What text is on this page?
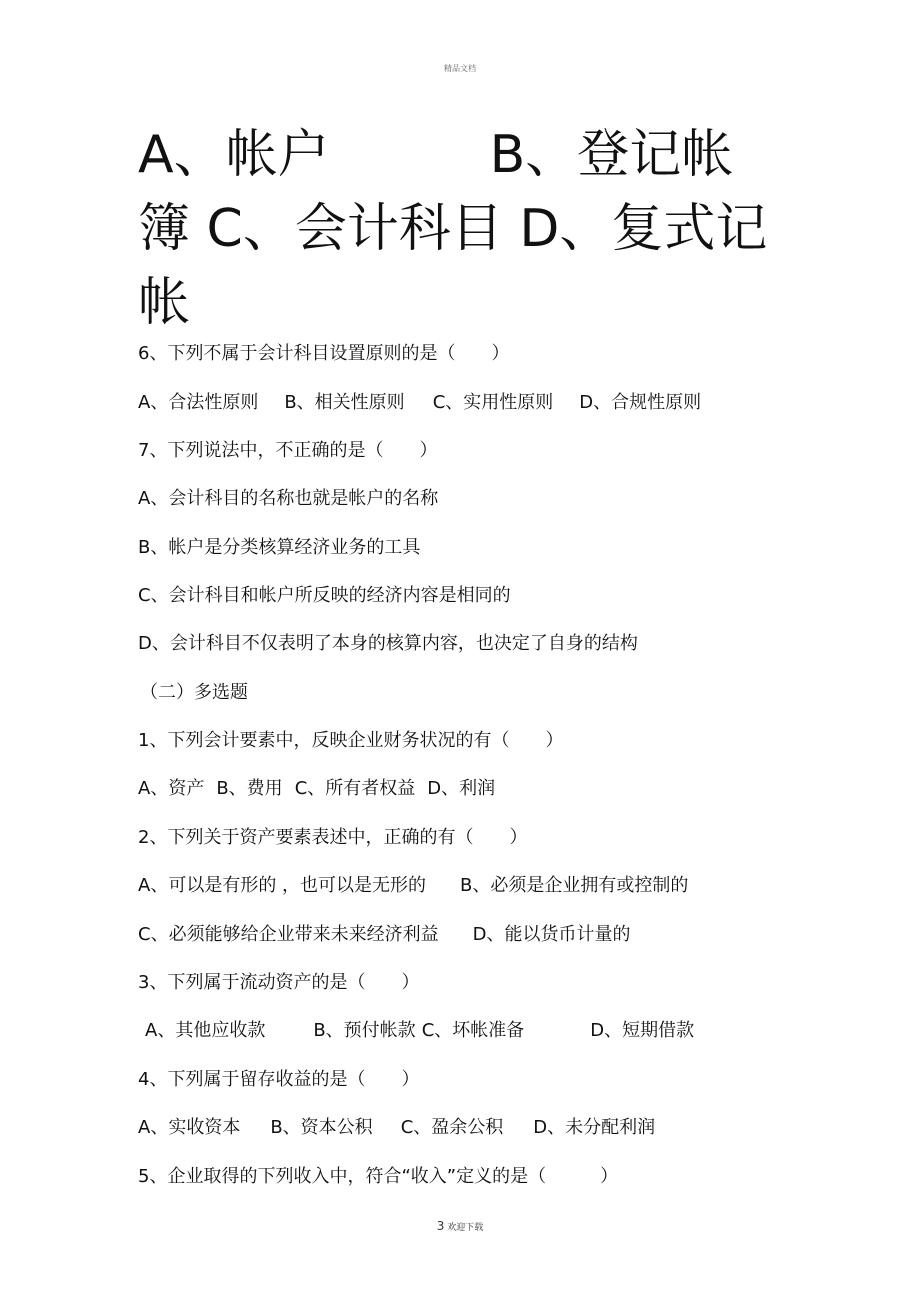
精品文档
A、帐户	B、登记帐
簿 C、会计科目 D、复式记
帐
6、下列不属于会计科目设置原则的是（　　）
A、合法性原则 B、相关性原则 C、实用性原则 D、合规性原则
7、下列说法中，不正确的是（　　）
A、会计科目的名称也就是帐户的名称
B、帐户是分类核算经济业务的工具
C、会计科目和帐户所反映的经济内容是相同的
D、会计科目不仅表明了本身的核算内容，也决定了自身的结构
（二）多选题
1、下列会计要素中，反映企业财务状况的有（　　）
A、资产 B、费用 C、所有者权益 D、利润
2、下列关于资产要素表述中，正确的有（　　）
A、可以是有形的 ，也可以是无形的 B、必须是企业拥有或控制的
C、必须能够给企业带来未来经济利益 D、能以货币计量的
3、下列属于流动资产的是（　　）
A、其他应收款	B、预付帐款 C、坏帐准备	D、短期借款
4、下列属于留存收益的是（　　）
A、实收资本 B、资本公积 C、盈余公积 D、未分配利润
5、企业取得的下列收入中，符合“收入”定义的是（　　　）
3 欢迎下载
